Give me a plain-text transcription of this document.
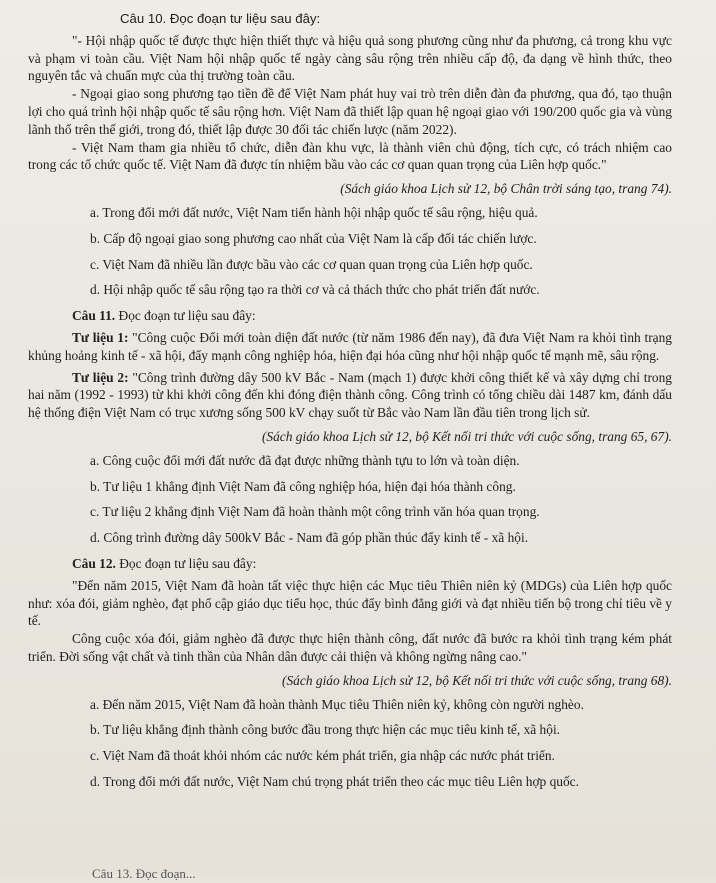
Câu 10. Đọc đoạn tư liệu sau đây:

"- Hội nhập quốc tế được thực hiện thiết thực và hiệu quả song phương cũng như đa phương, cả trong khu vực và phạm vi toàn cầu. Việt Nam hội nhập quốc tế ngày càng sâu rộng trên nhiều cấp độ, đa dạng về hình thức, theo nguyên tắc và chuẩn mực của thị trường toàn cầu.

- Ngoại giao song phương tạo tiền đề để Việt Nam phát huy vai trò trên diễn đàn đa phương, qua đó, tạo thuận lợi cho quá trình hội nhập quốc tế sâu rộng hơn. Việt Nam đã thiết lập quan hệ ngoại giao với 190/200 quốc gia và vùng lãnh thổ trên thế giới, trong đó, thiết lập được 30 đối tác chiến lược (năm 2022).

- Việt Nam tham gia nhiều tổ chức, diễn đàn khu vực, là thành viên chủ động, tích cực, có trách nhiệm cao trong các tổ chức quốc tế. Việt Nam đã được tín nhiệm bầu vào các cơ quan quan trọng của Liên hợp quốc."

(Sách giáo khoa Lịch sử 12, bộ Chân trời sáng tạo, trang 74).
a. Trong đổi mới đất nước, Việt Nam tiến hành hội nhập quốc tế sâu rộng, hiệu quả.
b. Cấp độ ngoại giao song phương cao nhất của Việt Nam là cấp đối tác chiến lược.
c. Việt Nam đã nhiều lần được bầu vào các cơ quan quan trọng của Liên hợp quốc.
d. Hội nhập quốc tế sâu rộng tạo ra thời cơ và cả thách thức cho phát triển đất nước.
Câu 11. Đọc đoạn tư liệu sau đây:

Tư liệu 1: "Công cuộc Đổi mới toàn diện đất nước (từ năm 1986 đến nay), đã đưa Việt Nam ra khỏi tình trạng khủng hoảng kinh tế - xã hội, đẩy mạnh công nghiệp hóa, hiện đại hóa cũng như hội nhập quốc tế mạnh mẽ, sâu rộng.

Tư liệu 2: "Công trình đường dây 500 kV Bắc - Nam (mạch 1) được khởi công thiết kế và xây dựng chỉ trong hai năm (1992 - 1993) từ khi khởi công đến khi đóng điện thành công. Công trình có tổng chiều dài 1487 km, đánh dấu hệ thống điện Việt Nam có trục xương sống 500 kV chạy suốt từ Bắc vào Nam lần đầu tiên trong lịch sử.

(Sách giáo khoa Lịch sử 12, bộ Kết nối tri thức với cuộc sống, trang 65, 67).
a. Công cuộc đổi mới đất nước đã đạt được những thành tựu to lớn và toàn diện.
b. Tư liệu 1 khẳng định Việt Nam đã công nghiệp hóa, hiện đại hóa thành công.
c. Tư liệu 2 khẳng định Việt Nam đã hoàn thành một công trình văn hóa quan trọng.
d. Công trình đường dây 500kV Bắc - Nam đã góp phần thúc đẩy kinh tế - xã hội.
Câu 12. Đọc đoạn tư liệu sau đây:

"Đến năm 2015, Việt Nam đã hoàn tất việc thực hiện các Mục tiêu Thiên niên kỷ (MDGs) của Liên hợp quốc như: xóa đói, giảm nghèo, đạt phổ cập giáo dục tiểu học, thúc đẩy bình đẳng giới và đạt nhiều tiến bộ trong chỉ tiêu về y tế.

Công cuộc xóa đói, giảm nghèo đã được thực hiện thành công, đất nước đã bước ra khỏi tình trạng kém phát triển. Đời sống vật chất và tinh thần của Nhân dân được cải thiện và không ngừng nâng cao."

(Sách giáo khoa Lịch sử 12, bộ Kết nối tri thức với cuộc sống, trang 68).
a. Đến năm 2015, Việt Nam đã hoàn thành Mục tiêu Thiên niên kỷ, không còn người nghèo.
b. Tư liệu khẳng định thành công bước đầu trong thực hiện các mục tiêu kinh tế, xã hội.
c. Việt Nam đã thoát khỏi nhóm các nước kém phát triển, gia nhập các nước phát triển.
d. Trong đổi mới đất nước, Việt Nam chú trọng phát triển theo các mục tiêu Liên hợp quốc.
Câu 13. Đọc đoạn...
